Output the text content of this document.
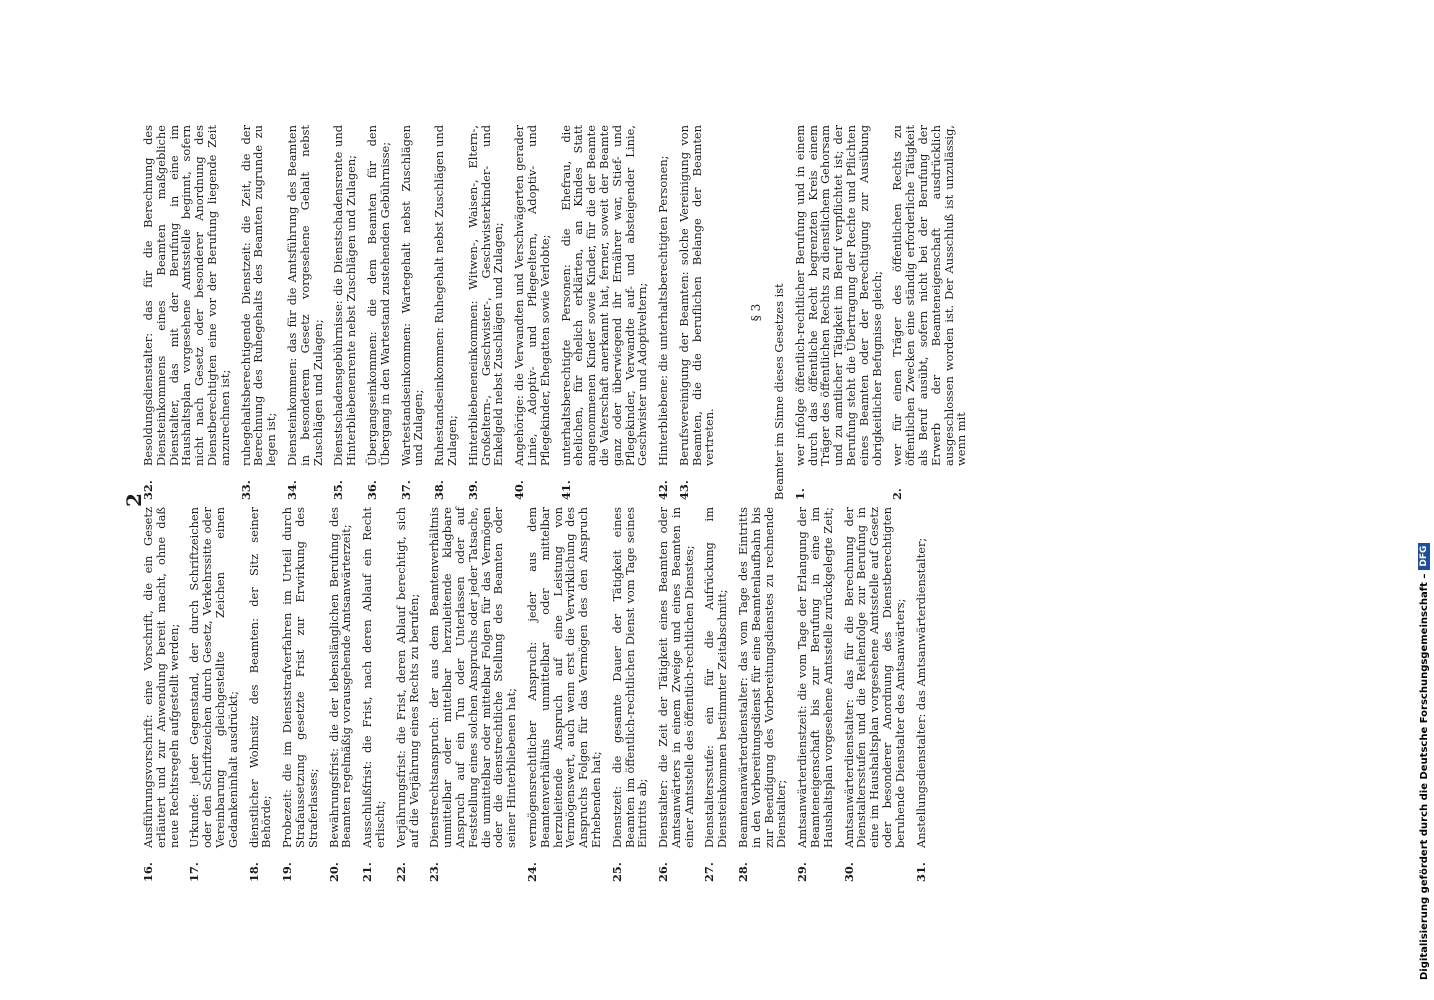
2
16.
Ausführungsvorschrift: eine Vorschrift, die ein Gesetz erläutert und zur Anwendung bereit macht, ohne daß neue Rechtsregeln aufgestellt werden;
17.
Urkunde: jeder Gegenstand, der durch Schriftzeichen oder den Schriftzeichen durch Gesetz, Verkehrssitte oder Vereinbarung gleichgestellte Zeichen einen Gedankeninhalt ausdrückt;
18.
dienstlicher Wohnsitz des Beamten: der Sitz seiner Behörde;
19.
Probezeit: die im Dienststrafverfahren im Urteil durch Strafaussetzung gesetzte Frist zur Erwirkung des Straferlasses;
20.
Bewährungsfrist: die der lebenslänglichen Berufung des Beamten regelmäßig vorausgehende Amtsanwärterzeit;
21.
Ausschlußfrist: die Frist, nach deren Ablauf ein Recht erlischt;
22.
Verjährungsfrist: die Frist, deren Ablauf berechtigt, sich auf die Verjährung eines Rechts zu berufen;
23.
Dienstrechtsanspruch: der aus dem Beamtenverhältnis unmittelbar oder mittelbar herzuleitende klagbare Anspruch auf ein Tun oder Unterlassen oder auf Feststellung eines solchen Anspruchs oder jeder Tatsache, die unmittelbar oder mittelbar Folgen für das Vermögen oder die dienstrechtliche Stellung des Beamten oder seiner Hinterbliebenen hat;
24.
vermögensrechtlicher Anspruch: jeder aus dem Beamtenverhältnis unmittelbar oder mittelbar herzuleitende Anspruch auf eine Leistung von Vermögenswert, auch wenn erst die Verwirklichung des Anspruchs Folgen für das Vermögen des den Anspruch Erhebenden hat;
25.
Dienstzeit: die gesamte Dauer der Tätigkeit eines Beamten im öffentlich-rechtlichen Dienst vom Tage seines Eintritts ab;
26.
Dienstalter: die Zeit der Tätigkeit eines Beamten oder Amtsanwärters in einem Zweige und eines Beamten in einer Amtsstelle des öffentlich-rechtlichen Dienstes;
27.
Dienstaltersstufe: ein für die Aufrückung im Diensteinkommen bestimmter Zeitabschnitt;
28.
Beamtenanwärterdienstalter: das vom Tage des Eintritts in den Vorbereitungsdienst für eine Beamtenlaufbahn bis zur Beendigung des Vorbereitungsdienstes zu rechnende Dienstalter;
29.
Amtsanwärterdienstzeit: die vom Tage der Erlangung der Beamteneigenschaft bis zur Berufung in eine im Haushaltsplan vorgesehene Amtsstelle zurückgelegte Zeit;
30.
Amtsanwärterdienstalter: das für die Berechnung der Dienstaltersstufen und die Reihenfolge zur Berufung in eine im Haushaltsplan vorgesehene Amtsstelle auf Gesetz oder besonderer Anordnung des Dienstberechtigten beruhende Dienstalter des Amtsanwärters;
31.
Anstellungsdienstalter: das Amtsanwärterdienstalter;
32.
Besoldungsdienstalter: das für die Berechnung des Diensteinkommens eines Beamten maßgebliche Dienstalter, das mit der Berufung in eine im Haushaltsplan vorgesehene Amtsstelle beginnt, sofern nicht nach Gesetz oder besonderer Anordnung des Dienstberechtigten eine vor der Berufung liegende Zeit anzurechnen ist;
33.
ruhegehaltsberechtigende Dienstzeit: die Zeit, die der Berechnung des Ruhegehalts des Beamten zugrunde zu legen ist;
34.
Diensteinkommen: das für die Amtsführung des Beamten in besonderem Gesetz vorgesehene Gehalt nebst Zuschlägen und Zulagen;
35.
Dienstschadensgebührnisse: die Dienstschadensrente und Hinterbliebenenrente nebst Zuschlägen und Zulagen;
36.
Übergangseinkommen: die dem Beamten für den Übergang in den Wartestand zustehenden Gebührnisse;
37.
Wartestandseinkommen: Wartegehalt nebst Zuschlägen und Zulagen;
38.
Ruhestandseinkommen: Ruhegehalt nebst Zuschlägen und Zulagen;
39.
Hinterbliebeneneinkommen: Witwen-, Waisen-, Eltern-, Großeltern-, Geschwister-, Geschwisterkinder- und Enkelgeld nebst Zuschlägen und Zulagen;
40.
Angehörige: die Verwandten und Verschwägerten gerader Linie, Adoptiv- und Pflegeeltern, Adoptiv- und Pflegekinder, Ehegatten sowie Verlobte;
41.
unterhaltsberechtigte Personen: die Ehefrau, die ehelichen, für ehelich erklärten, an Kindes Statt angenommenen Kinder sowie Kinder, für die der Beamte die Vaterschaft anerkannt hat, ferner, soweit der Beamte ganz oder überwiegend ihr Ernährer war, Stief- und Pflegekinder, Verwandte auf- und absteigender Linie, Geschwister und Adoptiveltern;
42.
Hinterbliebene: die unterhaltsberechtigten Personen;
43.
Berufsvereinigung der Beamten: solche Vereinigung von Beamten, die die beruflichen Belange der Beamten vertreten.
§ 3 Beamter im Sinne dieses Gesetzes ist 1.
wer infolge öffentlich-rechtlicher Berufung und in einem durch das öffentliche Recht begrenzten Kreis einem Träger des öffentlichen Rechts zu dienstlichem Gehorsam und zu amtlicher Tätigkeit im Beruf verpflichtet ist; der Berufung steht die Übertragung der Rechte und Pflichten eines Beamten oder der Berechtigung zur Ausübung obrigkeitlicher Befugnisse gleich;
2.
wer für einen Träger des öffentlichen Rechts zu öffentlichen Zwecken eine ständig erforderliche Tätigkeit als Beruf ausübt, sofern nicht bei der Berufung der Erwerb der Beamteneigenschaft ausdrücklich ausgeschlossen worden ist. Der Ausschluß ist unzulässig, wenn mit
Digitalisierung gefördert durch die Deutsche Forschungsgemeinschaft –
DFG
